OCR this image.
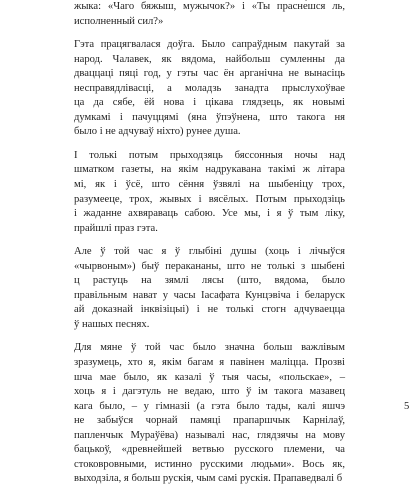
жыка: «Чаго бяжыш, мужычок?» і «Ты прасне́шся ль,
исполненный сил?»
Гэта працягвалася доўга. Было сапраўдным пакутай за
народ. Чалавек, як вядома, найбольш сумленны да
дваццаці пяці год, у гэты час ён арганічна не вынасіць
несправядлівасці, а моладзь занадта прыслухоўвае
ца да сябе, ёй нова і цікава глядзець, як новымі
думкамі і пачуццямі (яна ўпэўнена, што такога ня
было і не адчуваў ніхто) рунее душа.
І толькі потым прыходзяць бяссонныя ночы над
шматком газеты, на якім надрукавана такімі ж літара
мі, як і ўсё, што сёння ўзвялі на шыбеніцу трох,
разумееце, трох, жывых і вясёлых. Потым прыходзіць
і жаданне ахвяраваць сабою. Усе мы, і я ў тым ліку,
прайшлі праз гэта.
Але ў той час я ў глыбіні душы (хоць і лічыўся
«чырвоным») быў перакананы, што не толькі з шыбені
ц растуць на зямлі лясы (што, вядома, было
правільным нават у часы Іасафата Кунцэвіча і беларуск
ай доказнай інквізіцыі) і не толькі стогн адчуваецца
ў нашых песнях.
Для мяне ў той час было значна больш важлівым
зразумець, хто я, якім багам я павінен маліцца. Прозві
шча мае было, як казалі ў тыя часы, «польскае», –
хоць я і дагэтуль не ведаю, што ў ім такога мазавец
кага было, – у гімназіі (а гэта было тады, калі яшчэ
не забыўся чорнай памяці прапаршчык Карнілаў,
папленчык Мураўёва) называлі нас, глядзячы на мову
бацькоў, «древнейшей ветвью русского племени, ча
стоковровными, истинно русскими людьми». Вось як,
выходзіла, я больш рускія, чым самі рускія. Прапаведвалі б
5
